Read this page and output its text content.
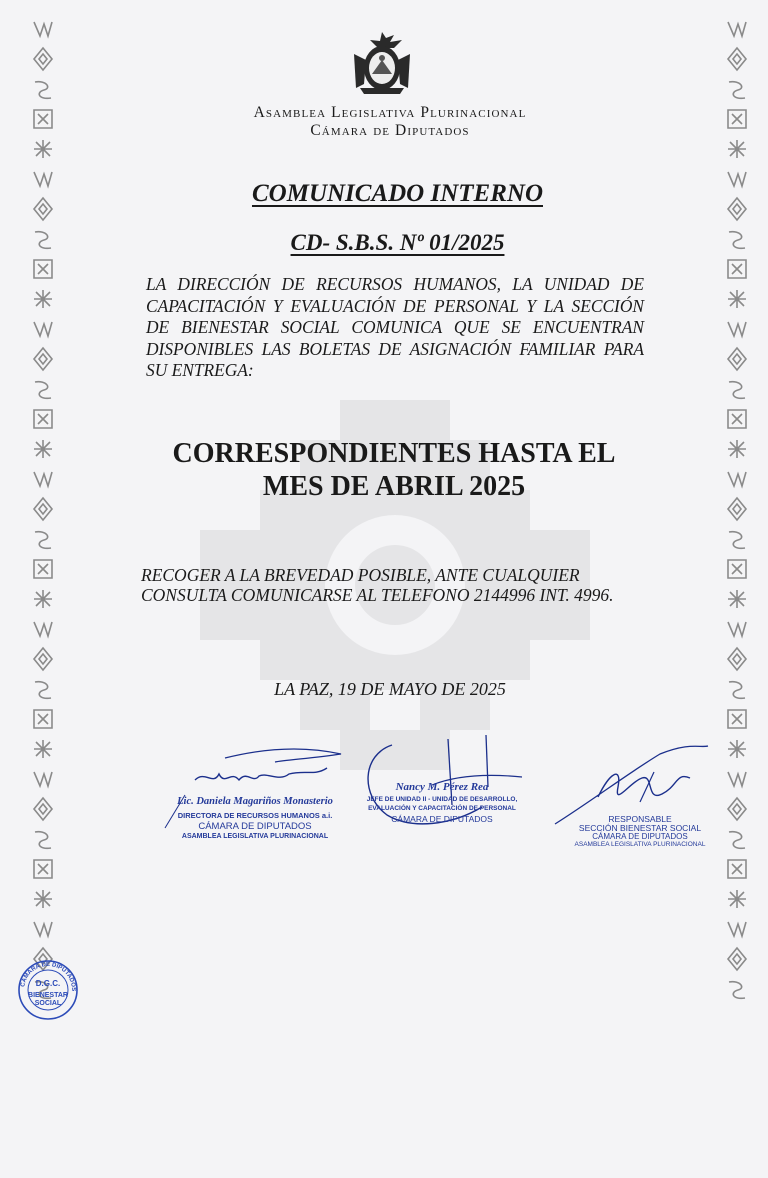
Asamblea Legislativa Plurinacional
Cámara de Diputados
COMUNICADO INTERNO
CD- S.B.S. Nº 01/2025
LA DIRECCIÓN DE RECURSOS HUMANOS, LA UNIDAD DE CAPACITACIÓN Y EVALUACIÓN DE PERSONAL Y LA SECCIÓN DE BIENESTAR SOCIAL COMUNICA QUE SE ENCUENTRAN DISPONIBLES LAS BOLETAS DE ASIGNACIÓN FAMILIAR PARA SU ENTREGA:
CORRESPONDIENTES HASTA EL
MES DE ABRIL 2025
RECOGER A LA BREVEDAD POSIBLE, ANTE CUALQUIER CONSULTA COMUNICARSE AL TELEFONO 2144996 INT. 4996.
LA PAZ, 19 DE MAYO DE 2025
Lic. Daniela Magariños Monasterio
DIRECTORA DE RECURSOS HUMANOS a.i.
CÁMARA DE DIPUTADOS
ASAMBLEA LEGISLATIVA PLURINACIONAL
Nancy M. Pérez Rea
JEFE DE UNIDAD II - UNIDAD DE DESARROLLO,
EVALUACIÓN Y CAPACITACIÓN DE PERSONAL
CÁMARA DE DIPUTADOS	RESPONSABLE
SECCIÓN BIENESTAR SOCIAL
CÁMARA DE DIPUTADOS
ASAMBLEA LEGISLATIVA PLURINACIONAL
CÁMARA DE DIPUTADOS
D.G.C.
BIENESTAR
SOCIAL
